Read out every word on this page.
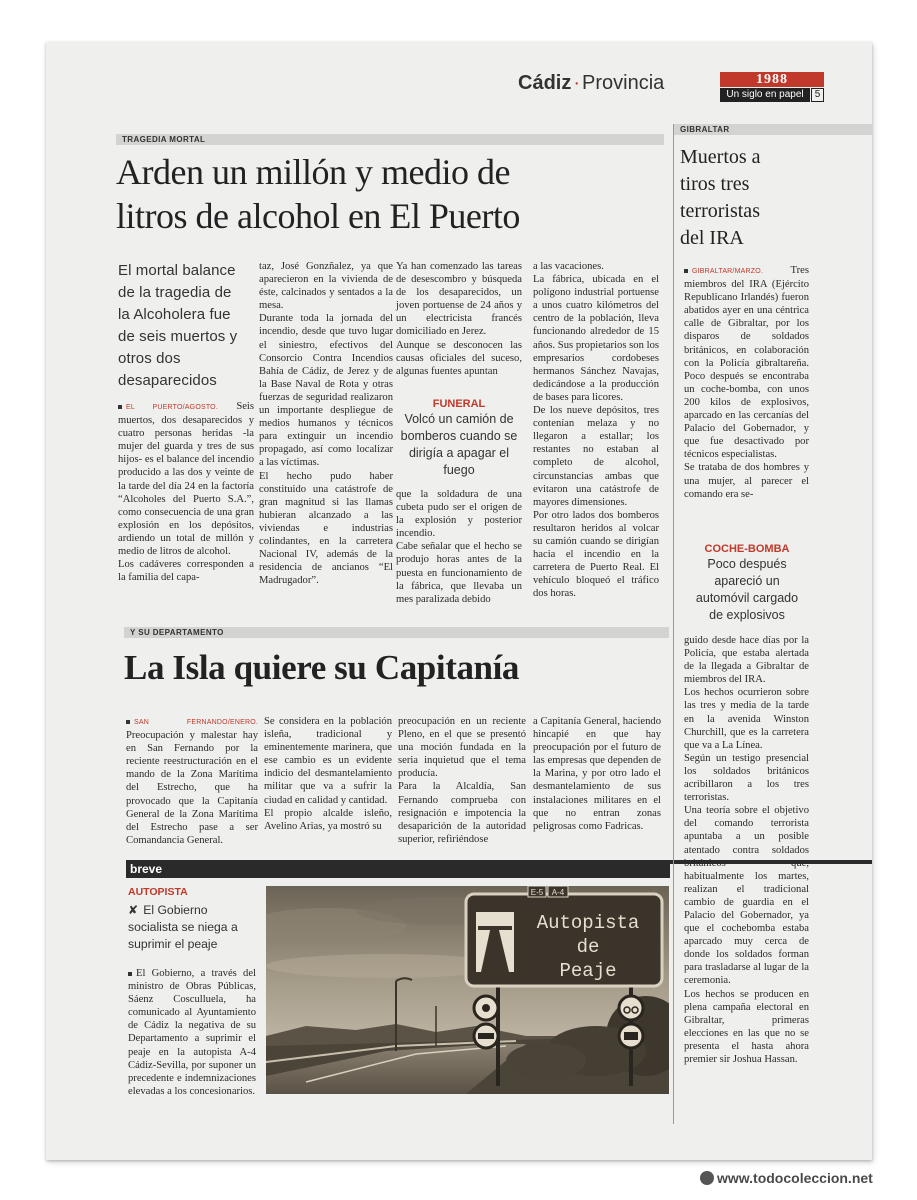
Cádiz · Provincia	1988
Un siglo en papel	5
TRAGEDIA MORTAL
Arden un millón y medio de
litros de alcohol en El Puerto
El mortal balance
de la tragedia de
la Alcoholera fue
de seis muertos y
otros dos
desaparecidos

EL PUERTO/AGOSTO. Seis muertos, dos desaparecidos y cuatro personas heridas -la mujer del guarda y tres de sus hijos- es el balance del incendio producido a las dos y veinte de la tarde del día 24 en la factoría “Alcoholes del Puerto S.A.”, como consecuencia de una gran explosión en los depósitos, ardiendo un total de millón y medio de litros de alcohol.

Los cadáveres corresponden a la familia del capa-

taz, José Gonzñalez, ya que aparecieron en la vivienda de éste, calcinados y sentados a la mesa.

Durante toda la jornada del incendio, desde que tuvo lugar el siniestro, efectivos del Consorcio Contra Incendios Bahía de Cádiz, de Jerez y de la Base Naval de Rota y otras fuerzas de seguridad realizaron un importante despliegue de medios humanos y técnicos para extinguir un incendio propagado, así como localizar a las víctimas.

El hecho pudo haber constituido una catástrofe de gran magnitud si las llamas hubieran alcanzado a las viviendas e industrias colindantes, en la carretera Nacional IV, además de la residencia de ancianos “El Madrugador”.

Ya han comenzado las tareas de desescombro y búsqueda de los desaparecidos, un joven portuense de 24 años y un electricista francés domiciliado en Jerez.

Aunque se desconocen las causas oficiales del suceso, algunas fuentes apuntan

FUNERAL
Volcó un camión de
bomberos cuando se
dirigía a apagar el
fuego

que la soldadura de una cubeta pudo ser el origen de la explosión y posterior incendio.

Cabe señalar que el hecho se produjo horas antes de la puesta en funcionamiento de la fábrica, que llevaba un mes paralizada debido

a las vacaciones.

La fábrica, ubicada en el polígono industrial portuense a unos cuatro kilómetros del centro de la población, lleva funcionando alrededor de 15 años. Sus propietarios son los empresarios cordobeses hermanos Sánchez Navajas, dedicándose a la producción de bases para licores.

De los nueve depósitos, tres contenían melaza y no llegaron a estallar; los restantes no estaban al completo de alcohol, circunstancias ambas que evitaron una catástrofe de mayores dimensiones.

Por otro lados dos bomberos resultaron heridos al volcar su camión cuando se dirigían hacia el incendio en la carretera de Puerto Real. El vehículo bloqueó el tráfico dos horas.

Y SU DEPARTAMENTO
La Isla quiere su Capitanía

SAN FERNANDO/ENERO. Preocupación y malestar hay en San Fernando por la reciente reestructuración en el mando de la Zona Marítima del Estrecho, que ha provocado que la Capitanía General de la Zona Marítima del Estrecho pase a ser Comandancia General.

Se considera en la población isleña, tradicional y eminentemente marinera, que ese cambio es un evidente indicio del desmantelamiento militar que va a sufrir la ciudad en calidad y cantidad.

El propio alcalde isleño, Avelino Arias, ya mostró su

preocupación en un reciente Pleno, en el que se presentó una moción fundada en la seria inquietud que el tema producía.

Para la Alcaldía, San Fernando comprueba con resignación e impotencia la desaparición de la autoridad superior, refiriéndose

a Capitanía General, haciendo hincapié en que hay preocupación por el futuro de las empresas que dependen de la Marina, y por otro lado el desmantelamiento de sus instalaciones militares en el que no entran zonas peligrosas como Fadricas.

breve
AUTOPISTA
✘ El Gobierno
socialista se niega a
suprimir el peaje

El Gobierno, a través del ministro de Obras Públicas, Sáenz Cosculluela, ha comunicado al Ayuntamiento de Cádiz la negativa de su Departamento a suprimir el peaje en la autopista A-4 Cádiz-Sevilla, por suponer un precedente e indemnizaciones elevadas a los concesionarios.

E-5 A-4
Autopista
de
Peaje
GIBRALTAR
Muertos a
tiros tres
terroristas
del IRA

GIBRALTAR/MARZO.	Tres miembros del IRA (Ejército Republicano Irlandés) fueron abatidos ayer en una céntrica calle de Gibraltar, por los disparos de soldados británicos, en colaboración con la Policía gibraltareña. Poco después se encontraba un coche-bomba, con unos 200 kilos de explosivos, aparcado en las cercanías del Palacio del Gobernador, y que fue desactivado por técnicos especialistas.

Se trataba de dos hombres y una mujer, al parecer el comando era se-

COCHE-BOMBA
Poco después
apareció un
automóvil cargado
de explosivos

guido desde hace días por la Policía, que estaba alertada de la llegada a Gibraltar de miembros del IRA.

Los hechos ocurrieron sobre las tres y media de la tarde en la avenida Winston Churchill, que es la carretera que va a La Línea.

Según un testigo presencial los soldados británicos acribillaron a los tres terroristas.

Una teoría sobre el objetivo del comando terrorista apuntaba a un posible atentado contra soldados británicos que, habitualmente los martes, realizan el tradicional cambio de guardia en el Palacio del Gobernador, ya que el cochebomba estaba aparcado muy cerca de donde los soldados forman para trasladarse al lugar de la ceremonia.

Los hechos se producen en plena campaña electoral en Gibraltar, primeras elecciones en las que no se presenta el hasta ahora premier sir Joshua Hassan.

www.todocoleccion.net
